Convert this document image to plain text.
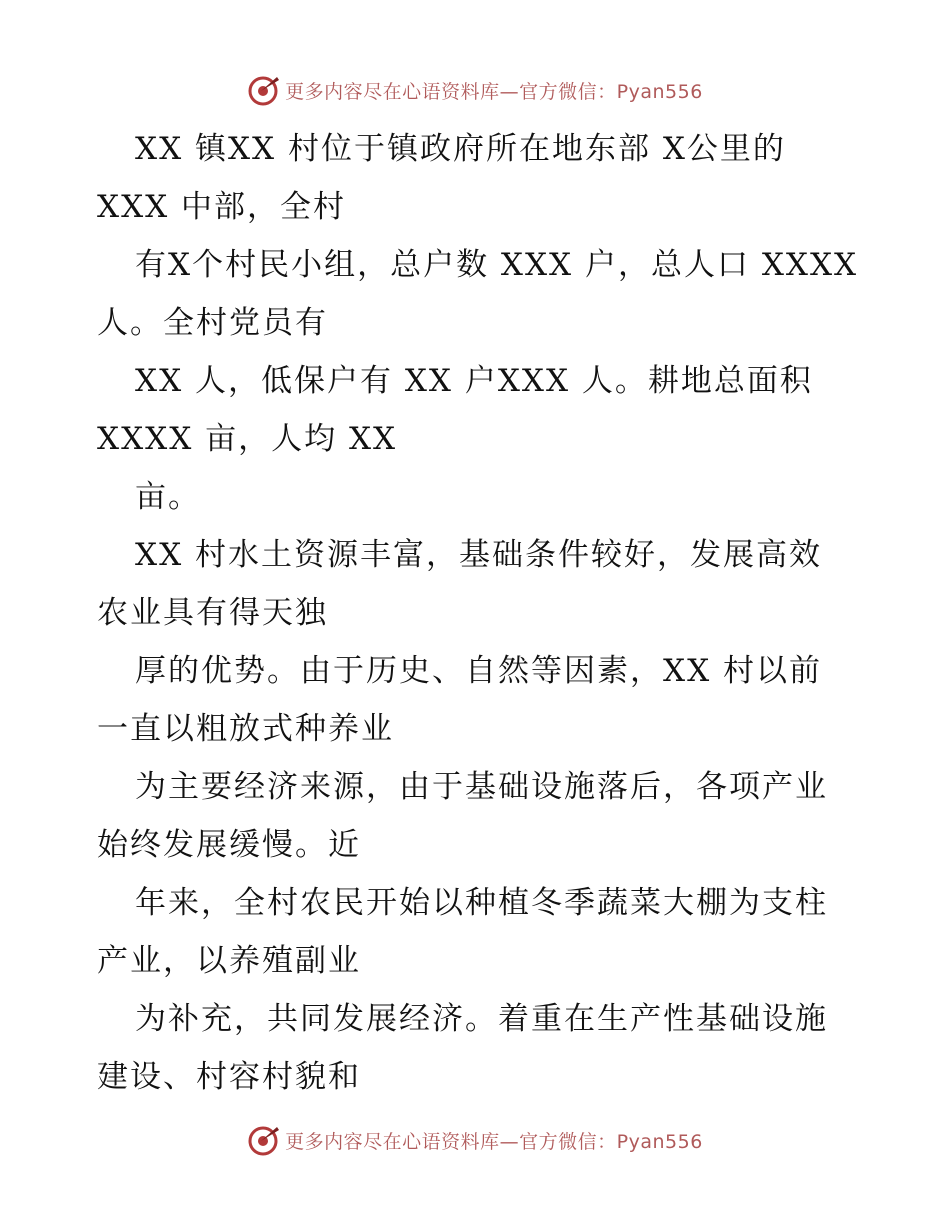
更多内容尽在心语资料库—官方微信：Pyan556
XX 镇XX 村位于镇政府所在地东部 X公里的
XXX 中部，全村
有X个村民小组，总户数 XXX 户，总人口 XXXX
人。全村党员有
XX 人，低保户有 XX 户XXX 人。耕地总面积
XXXX 亩，人均 XX
亩。
XX 村水土资源丰富，基础条件较好，发展高效
农业具有得天独
厚的优势。由于历史、自然等因素，XX 村以前
一直以粗放式种养业
为主要经济来源，由于基础设施落后，各项产业
始终发展缓慢。近
年来，全村农民开始以种植冬季蔬菜大棚为支柱
产业，以养殖副业
为补充，共同发展经济。着重在生产性基础设施
建设、村容村貌和
更多内容尽在心语资料库—官方微信：Pyan556
